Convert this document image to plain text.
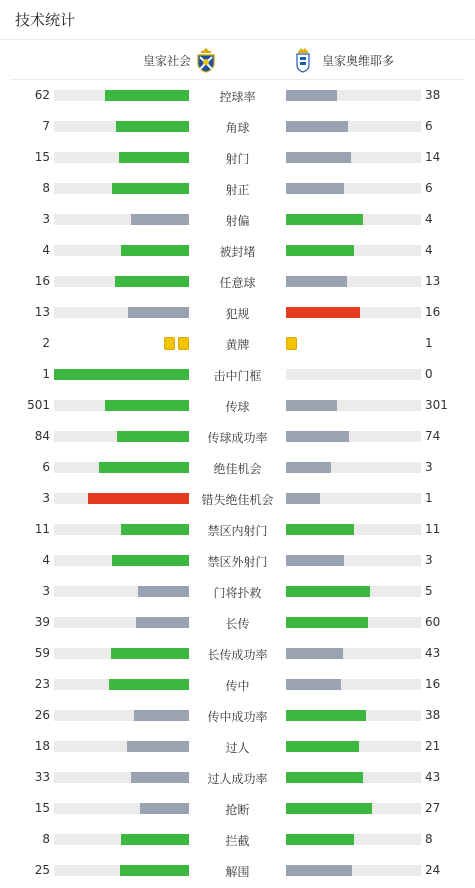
技术统计
皇家社会	皇家奥维耶多
62	控球率	38
7	角球	6
15	射门	14
8	射正	6
3	射偏	4
4	被封堵	4
16	任意球	13
13	犯规	16
2	黄牌	1
1	击中门框	0
501	传球	301
84	传球成功率	74
6	绝佳机会	3
3	错失绝佳机会	1
11	禁区内射门	11
4	禁区外射门	3
3	门将扑救	5
39	长传	60
59	长传成功率	43
23	传中	16
26	传中成功率	38
18	过人	21
33	过人成功率	43
15	抢断	27
8	拦截	8
25	解围	24
